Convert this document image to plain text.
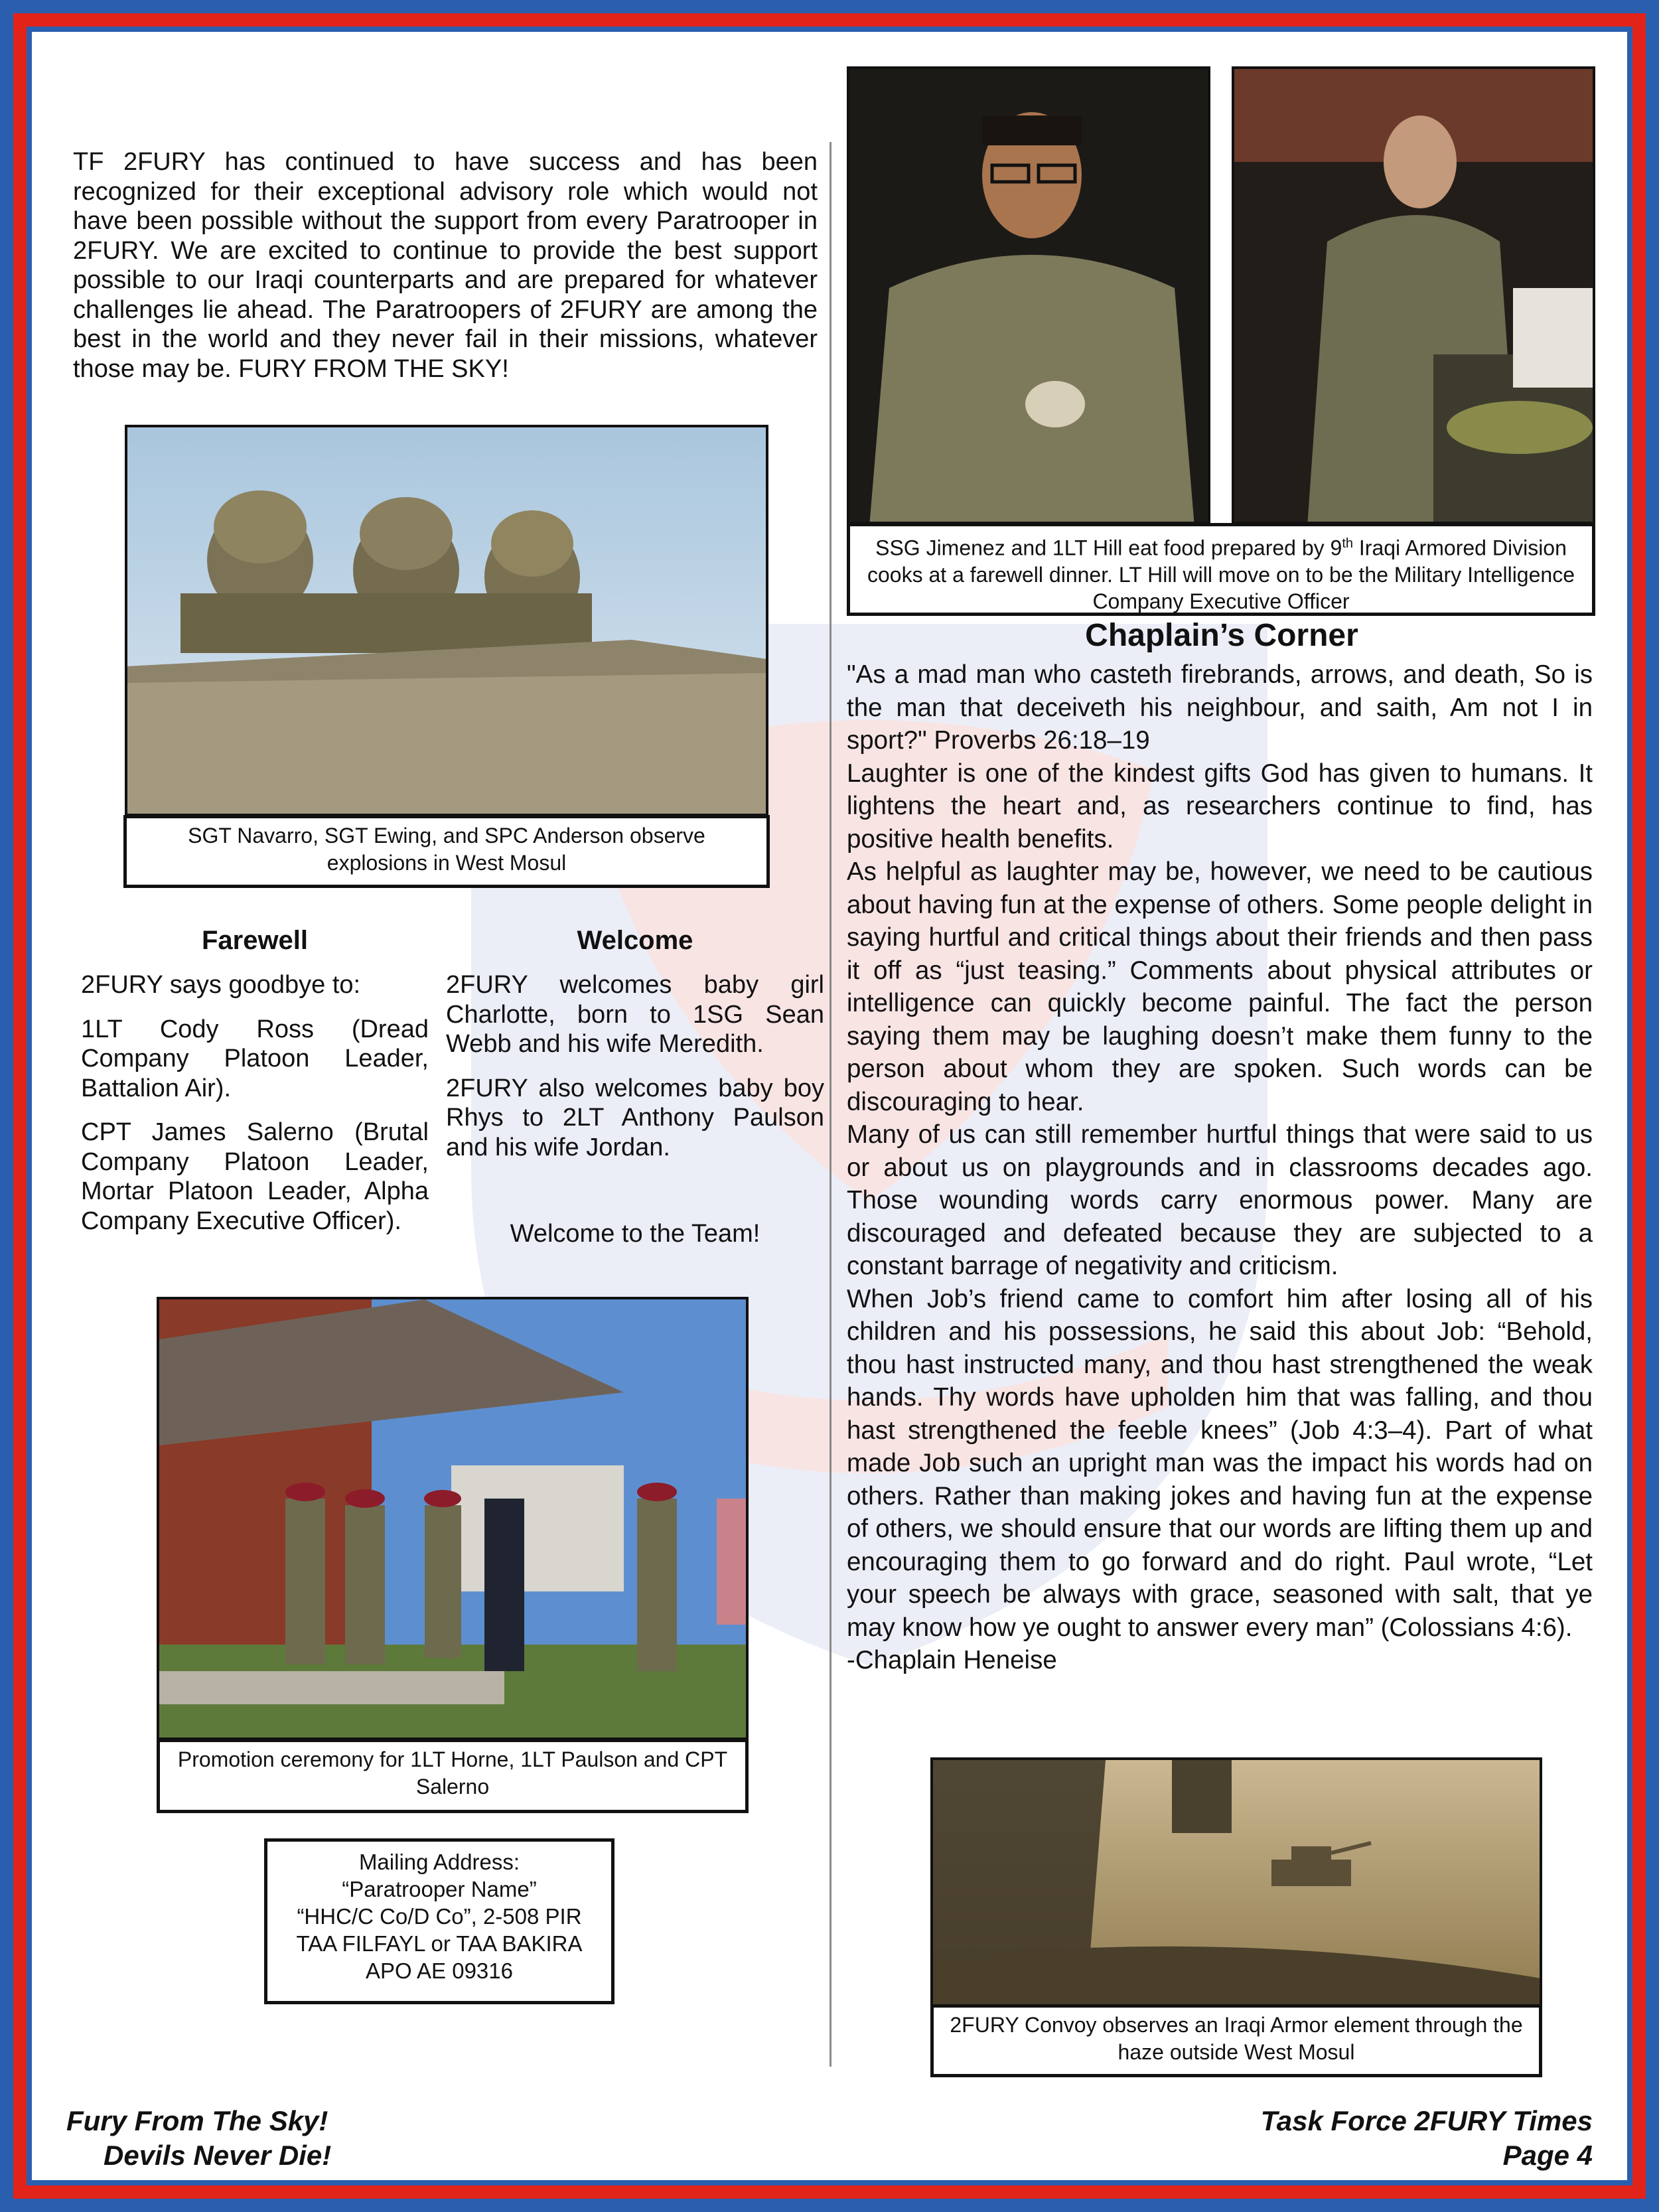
TF 2FURY has continued to have success and has been recognized for their exceptional advisory role which would not have been possible without the support from every Paratrooper in 2FURY. We are excited to continue to provide the best support possible to our Iraqi counterparts and are prepared for whatever challenges lie ahead. The Paratroopers of 2FURY are among the best in the world and they never fail in their missions, whatever those may be. FURY FROM THE SKY!

SGT Navarro, SGT Ewing, and SPC Anderson observe explosions in West Mosul
SSG Jimenez and 1LT Hill eat food prepared by 9th Iraqi Armored Division cooks at a farewell dinner. LT Hill will move on to be the Military Intelligence Company Executive Officer

Farewell

2FURY says goodbye to:

1LT Cody Ross (Dread Company Platoon Leader, Battalion Air).

CPT James Salerno (Brutal Company Platoon Leader, Mortar Platoon Leader, Alpha Company Executive Officer).

Welcome

2FURY welcomes baby girl Charlotte, born to 1SG Sean Webb and his wife Meredith.

2FURY also welcomes baby boy Rhys to 2LT Anthony Paulson and his wife Jordan.

Welcome to the Team!

Promotion ceremony for 1LT Horne, 1LT Paulson and CPT Salerno
Mailing Address:
“Paratrooper Name”
“HHC/C Co/D Co”, 2-508 PIR
TAA FILFAYL or TAA BAKIRA
APO AE 09316

Chaplain’s Corner

"As a mad man who casteth firebrands, arrows, and death, So is the man that deceiveth his neighbour, and saith, Am not I in sport?" Proverbs 26:18–19

Laughter is one of the kindest gifts God has given to humans. It lightens the heart and, as researchers continue to find, has positive health benefits.

As helpful as laughter may be, however, we need to be cautious about having fun at the expense of others. Some people delight in saying hurtful and critical things about their friends and then pass it off as “just teasing.” Comments about physical attributes or intelligence can quickly become painful. The fact the person saying them may be laughing doesn’t make them funny to the person about whom they are spoken. Such words can be discouraging to hear.

Many of us can still remember hurtful things that were said to us or about us on playgrounds and in classrooms decades ago. Those wounding words carry enormous power. Many are discouraged and defeated because they are subjected to a constant barrage of negativity and criticism.

When Job’s friend came to comfort him after losing all of his children and his possessions, he said this about Job: “Behold, thou hast instructed many, and thou hast strengthened the weak hands. Thy words have upholden him that was falling, and thou hast strengthened the feeble knees” (Job 4:3–4). Part of what made Job such an upright man was the impact his words had on others. Rather than making jokes and having fun at the expense of others, we should ensure that our words are lifting them up and encouraging them to go forward and do right. Paul wrote, “Let your speech be always with grace, seasoned with salt, that ye may know how ye ought to answer every man” (Colossians 4:6).

-Chaplain Heneise

2FURY Convoy observes an Iraqi Armor element through the haze outside West Mosul
Fury From The Sky!
Devils Never Die!
Task Force 2FURY Times
Page 4
